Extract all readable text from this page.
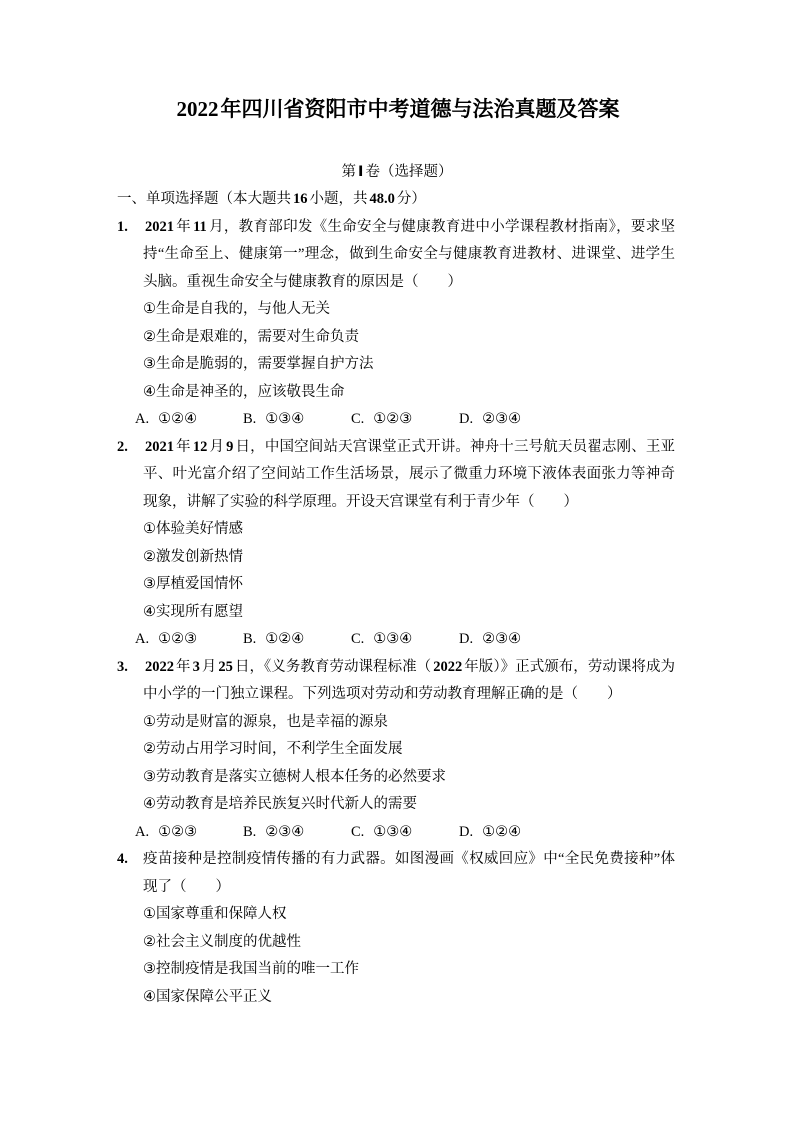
2022年四川省资阳市中考道德与法治真题及答案
第 Ⅰ 卷（选择题）
一、单项选择题（本大题共 16 小题，共 48.0 分）
1. 2021 年 11 月，教育部印发《生命安全与健康教育进中小学课程教材指南》，要求坚持“生命至上、健康第一”理念，做到生命安全与健康教育进教材、进课堂、进学生头脑。重视生命安全与健康教育的原因是（　　）
①生命是自我的，与他人无关
②生命是艰难的，需要对生命负责
③生命是脆弱的，需要掌握自护方法
④生命是神圣的，应该敬畏生命
A. ①②④	B. ①③④	C. ①②③	D. ②③④
2. 2021 年 12 月 9 日，中国空间站天宫课堂正式开讲。神舟十三号航天员翟志刚、王亚平、叶光富介绍了空间站工作生活场景，展示了微重力环境下液体表面张力等神奇现象，讲解了实验的科学原理。开设天宫课堂有利于青少年（　　）
①体验美好情感
②激发创新热情
③厚植爱国情怀
④实现所有愿望
A. ①②③	B. ①②④	C. ①③④	D. ②③④
3. 2022 年 3 月 25 日，《义务教育劳动课程标准（ 2022 年版）》正式颁布，劳动课将成为中小学的一门独立课程。下列选项对劳动和劳动教育理解正确的是（　　）
①劳动是财富的源泉，也是幸福的源泉
②劳动占用学习时间，不利学生全面发展
③劳动教育是落实立德树人根本任务的必然要求
④劳动教育是培养民族复兴时代新人的需要
A. ①②③	B. ②③④	C. ①③④	D. ①②④
4. 疫苗接种是控制疫情传播的有力武器。如图漫画《权威回应》中“全民免费接种”体现了（　　）
①国家尊重和保障人权
②社会主义制度的优越性
③控制疫情是我国当前的唯一工作
④国家保障公平正义
